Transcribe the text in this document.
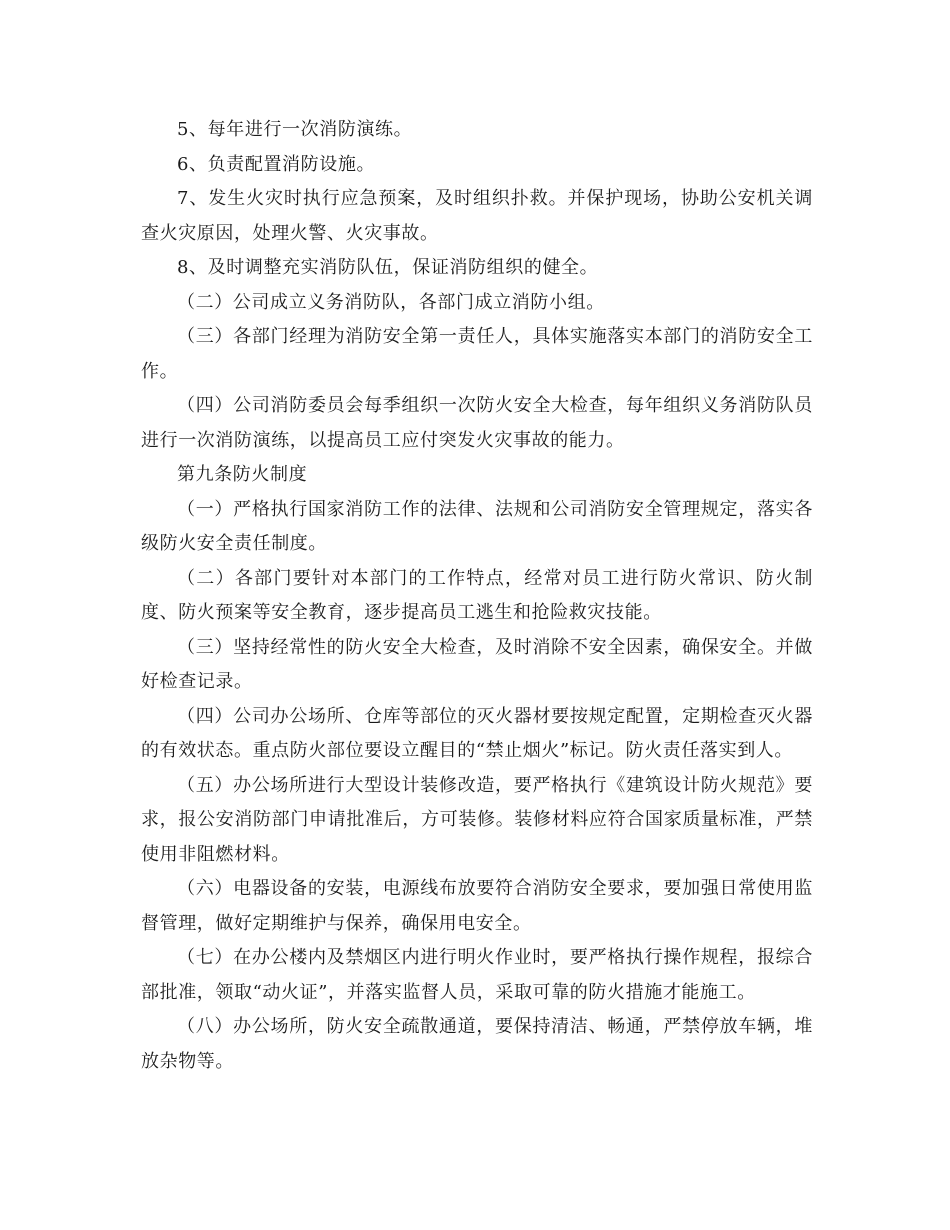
5、每年进行一次消防演练。

6、负责配置消防设施。

7、发生火灾时执行应急预案，及时组织扑救。并保护现场，协助公安机关调查火灾原因，处理火警、火灾事故。

8、及时调整充实消防队伍，保证消防组织的健全。

（二）公司成立义务消防队，各部门成立消防小组。

（三）各部门经理为消防安全第一责任人，具体实施落实本部门的消防安全工作。

（四）公司消防委员会每季组织一次防火安全大检查，每年组织义务消防队员进行一次消防演练，以提高员工应付突发火灾事故的能力。

第九条防火制度

（一）严格执行国家消防工作的法律、法规和公司消防安全管理规定，落实各级防火安全责任制度。

（二）各部门要针对本部门的工作特点，经常对员工进行防火常识、防火制度、防火预案等安全教育，逐步提高员工逃生和抢险救灾技能。

（三）坚持经常性的防火安全大检查，及时消除不安全因素，确保安全。并做好检查记录。

（四）公司办公场所、仓库等部位的灭火器材要按规定配置，定期检查灭火器的有效状态。重点防火部位要设立醒目的“禁止烟火”标记。防火责任落实到人。

（五）办公场所进行大型设计装修改造，要严格执行《建筑设计防火规范》要求，报公安消防部门申请批准后，方可装修。装修材料应符合国家质量标准，严禁使用非阻燃材料。

（六）电器设备的安装，电源线布放要符合消防安全要求，要加强日常使用监督管理，做好定期维护与保养，确保用电安全。

（七）在办公楼内及禁烟区内进行明火作业时，要严格执行操作规程，报综合部批准，领取“动火证”，并落实监督人员，采取可靠的防火措施才能施工。

（八）办公场所，防火安全疏散通道，要保持清洁、畅通，严禁停放车辆，堆放杂物等。
